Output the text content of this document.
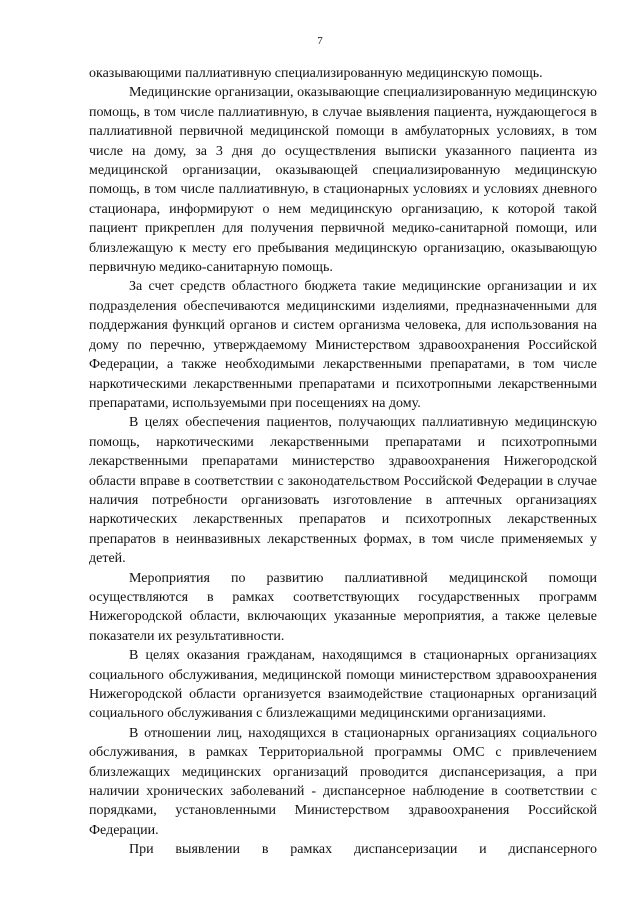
7

оказывающими паллиативную специализированную медицинскую помощь.

Медицинские организации, оказывающие специализированную медицинскую помощь, в том числе паллиативную, в случае выявления пациента, нуждающегося в паллиативной первичной медицинской помощи в амбулаторных условиях, в том числе на дому, за 3 дня до осуществления выписки указанного пациента из медицинской организации, оказывающей специализированную медицинскую помощь, в том числе паллиативную, в стационарных условиях и условиях дневного стационара, информируют о нем медицинскую организацию, к которой такой пациент прикреплен для получения первичной медико-санитарной помощи, или близлежащую к месту его пребывания медицинскую организацию, оказывающую первичную медико-санитарную помощь.

За счет средств областного бюджета такие медицинские организации и их подразделения обеспечиваются медицинскими изделиями, предназначенными для поддержания функций органов и систем организма человека, для использования на дому по перечню, утверждаемому Министерством здравоохранения Российской Федерации, а также необходимыми лекарственными препаратами, в том числе наркотическими лекарственными препаратами и психотропными лекарственными препаратами, используемыми при посещениях на дому.

В целях обеспечения пациентов, получающих паллиативную медицинскую помощь, наркотическими лекарственными препаратами и психотропными лекарственными препаратами министерство здравоохранения Нижегородской области вправе в соответствии с законодательством Российской Федерации в случае наличия потребности организовать изготовление в аптечных организациях наркотических лекарственных препаратов и психотропных лекарственных препаратов в неинвазивных лекарственных формах, в том числе применяемых у детей.

Мероприятия по развитию паллиативной медицинской помощи осуществляются в рамках соответствующих государственных программ Нижегородской области, включающих указанные мероприятия, а также целевые показатели их результативности.

В целях оказания гражданам, находящимся в стационарных организациях социального обслуживания, медицинской помощи министерством здравоохранения Нижегородской области организуется взаимодействие стационарных организаций социального обслуживания с близлежащими медицинскими организациями.

В отношении лиц, находящихся в стационарных организациях социального обслуживания, в рамках Территориальной программы ОМС с привлечением близлежащих медицинских организаций проводится диспансеризация, а при наличии хронических заболеваний - диспансерное наблюдение в соответствии с порядками, установленными Министерством здравоохранения Российской Федерации.

При выявлении в рамках диспансеризации и диспансерного
